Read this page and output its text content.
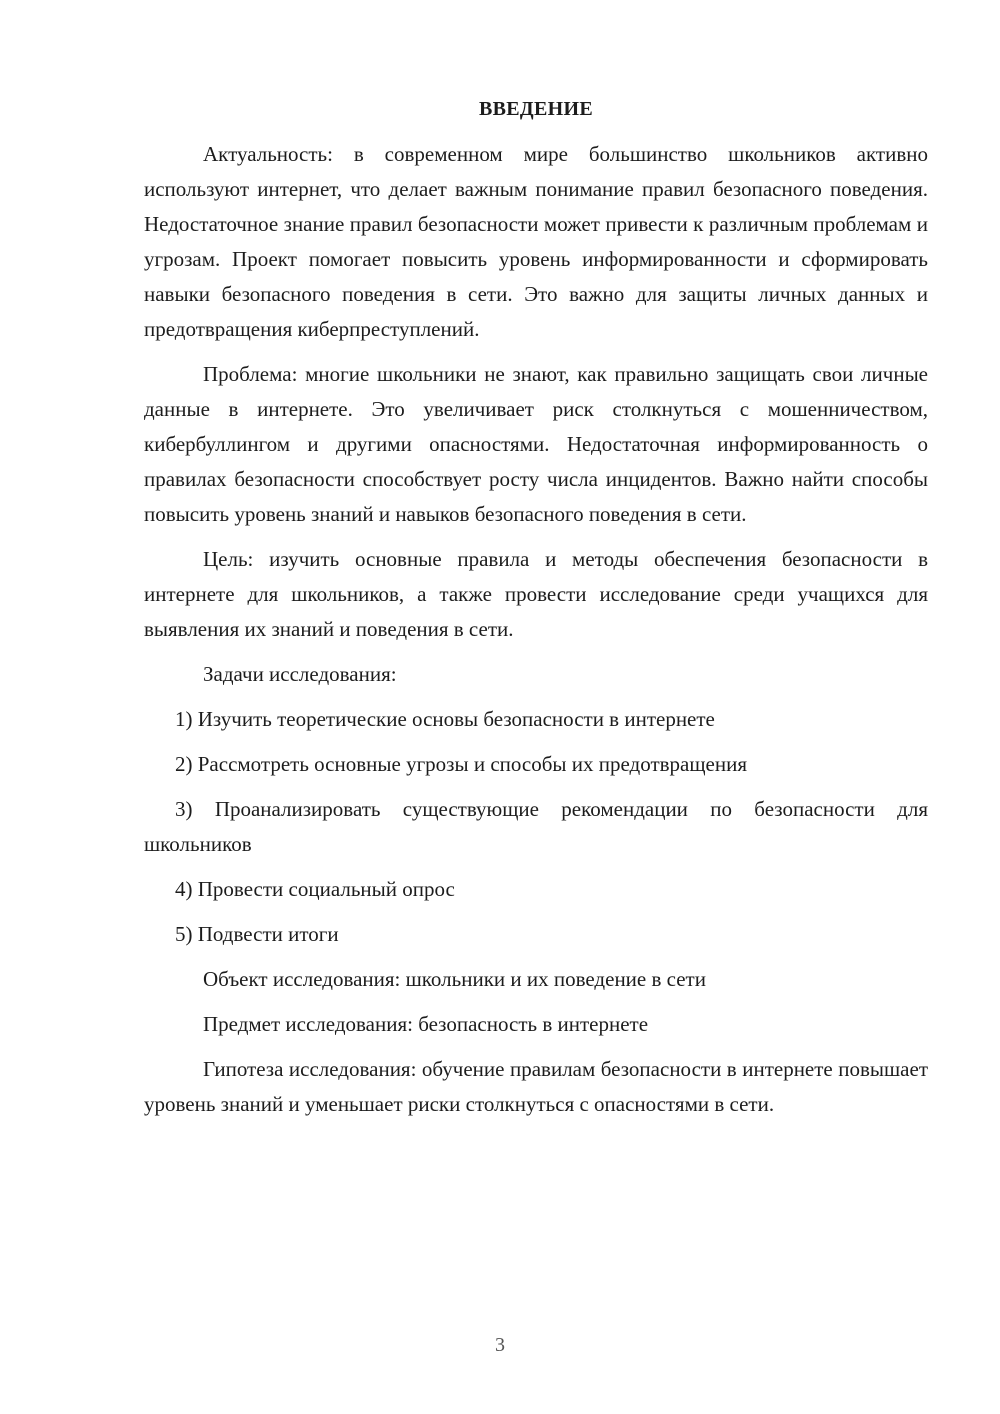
ВВЕДЕНИЕ

Актуальность: в современном мире большинство школьников активно используют интернет, что делает важным понимание правил безопасного поведения. Недостаточное знание правил безопасности может привести к различным проблемам и угрозам. Проект помогает повысить уровень информированности и сформировать навыки безопасного поведения в сети. Это важно для защиты личных данных и предотвращения киберпреступлений.

Проблема: многие школьники не знают, как правильно защищать свои личные данные в интернете. Это увеличивает риск столкнуться с мошенничеством, кибербуллингом и другими опасностями. Недостаточная информированность о правилах безопасности способствует росту числа инцидентов. Важно найти способы повысить уровень знаний и навыков безопасного поведения в сети.

Цель: изучить основные правила и методы обеспечения безопасности в интернете для школьников, а также провести исследование среди учащихся для выявления их знаний и поведения в сети.

Задачи исследования:

1) Изучить теоретические основы безопасности в интернете

2) Рассмотреть основные угрозы и способы их предотвращения

3) Проанализировать существующие рекомендации по безопасности для школьников

4) Провести социальный опрос

5) Подвести итоги

Объект исследования: школьники и их поведение в сети

Предмет исследования: безопасность в интернете

Гипотеза исследования: обучение правилам безопасности в интернете повышает уровень знаний и уменьшает риски столкнуться с опасностями в сети.

3
